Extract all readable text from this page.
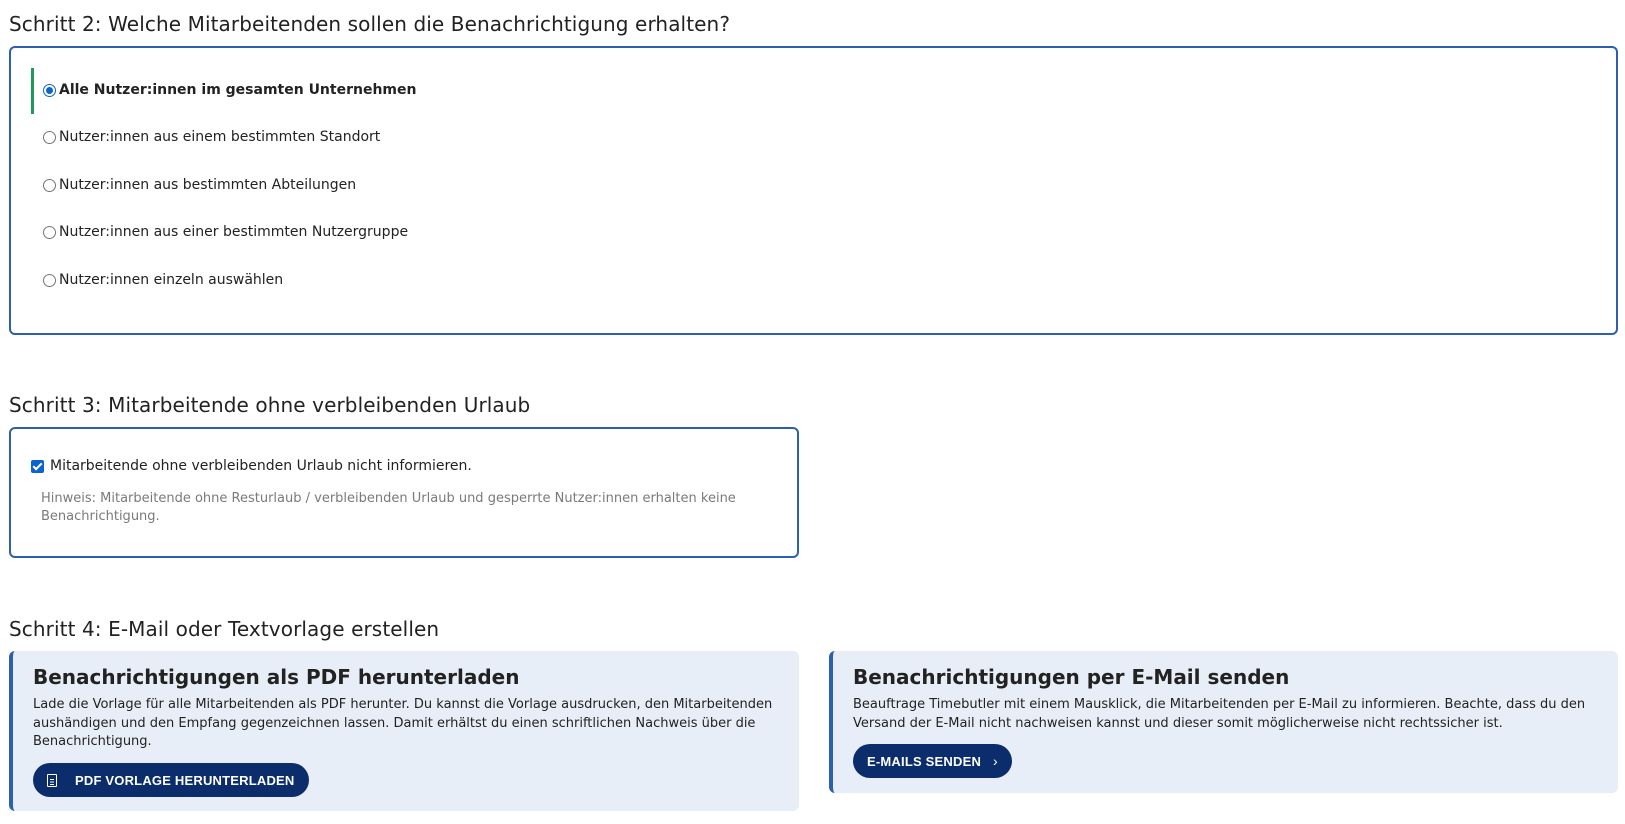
Schritt 2: Welche Mitarbeitenden sollen die Benachrichtigung erhalten?
Alle Nutzer:innen im gesamten Unternehmen
Nutzer:innen aus einem bestimmten Standort
Nutzer:innen aus bestimmten Abteilungen
Nutzer:innen aus einer bestimmten Nutzergruppe
Nutzer:innen einzeln auswählen
Schritt 3: Mitarbeitende ohne verbleibenden Urlaub
Mitarbeitende ohne verbleibenden Urlaub nicht informieren.

Hinweis: Mitarbeitende ohne Resturlaub / verbleibenden Urlaub und gesperrte Nutzer:innen erhalten keine Benachrichtigung.

Schritt 4: E-Mail oder Textvorlage erstellen
Benachrichtigungen als PDF herunterladen

Lade die Vorlage für alle Mitarbeitenden als PDF herunter. Du kannst die Vorlage ausdrucken, den Mitarbeitenden aushändigen und den Empfang gegenzeichnen lassen. Damit erhältst du einen schriftlichen Nachweis über die Benachrichtigung.

PDF VORLAGE HERUNTERLADEN
Benachrichtigungen per E-Mail senden

Beauftrage Timebutler mit einem Mausklick, die Mitarbeitenden per E-Mail zu informieren. Beachte, dass du den Versand der E-Mail nicht nachweisen kannst und dieser somit möglicherweise nicht rechtssicher ist.

E-MAILS SENDEN ›
